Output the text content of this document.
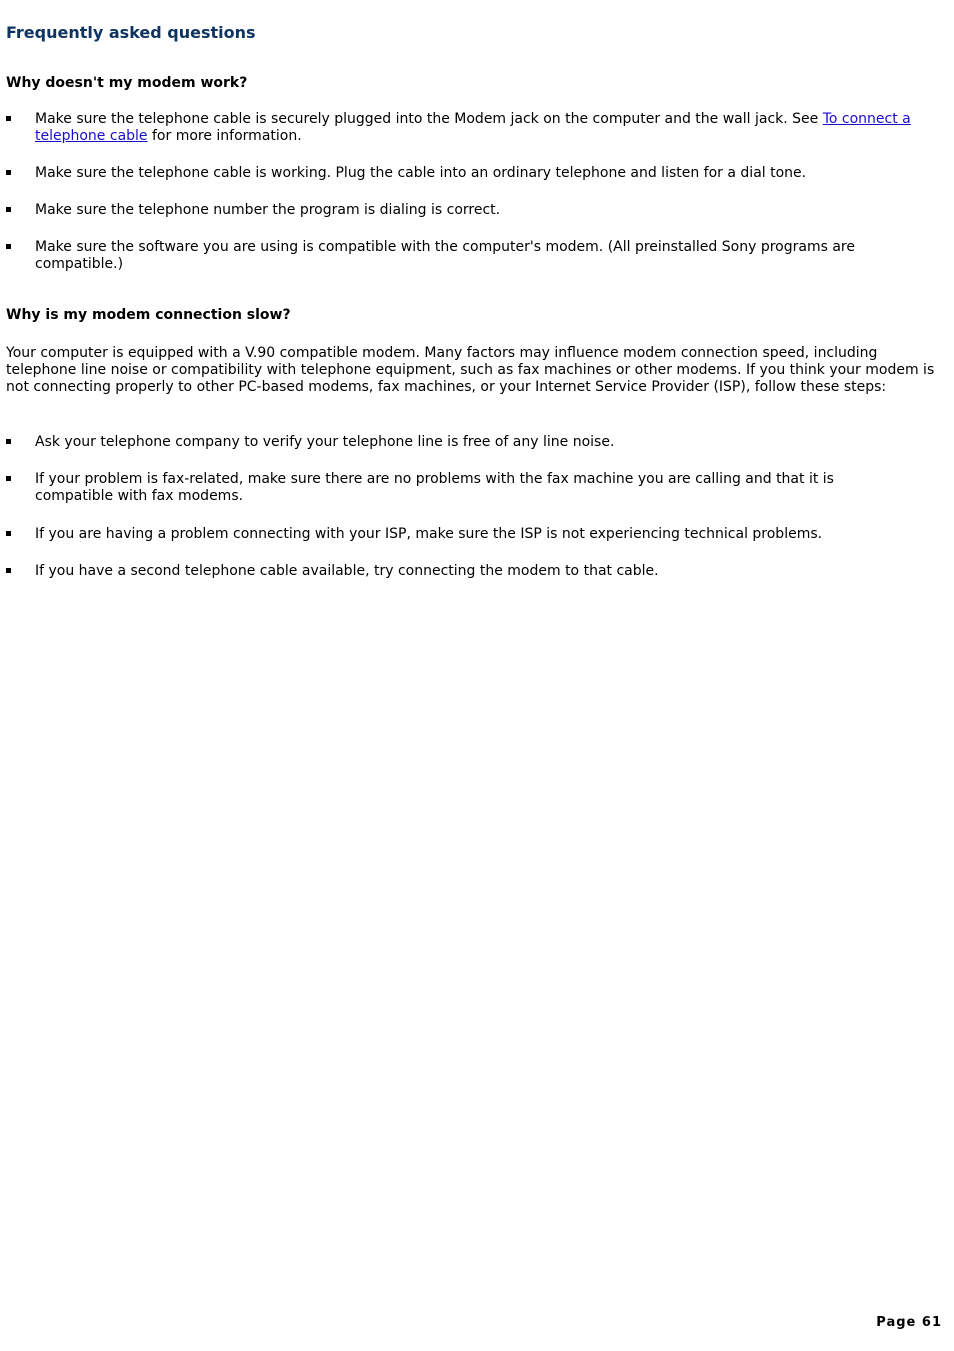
Frequently asked questions
Why doesn't my modem work?
Make sure the telephone cable is securely plugged into the Modem jack on the computer and the wall jack. See To connect a telephone cable for more information.
Make sure the telephone cable is working. Plug the cable into an ordinary telephone and listen for a dial tone.
Make sure the telephone number the program is dialing is correct.
Make sure the software you are using is compatible with the computer's modem. (All preinstalled Sony programs are compatible.)
Why is my modem connection slow?

Your computer is equipped with a V.90 compatible modem. Many factors may influence modem connection speed, including telephone line noise or compatibility with telephone equipment, such as fax machines or other modems. If you think your modem is not connecting properly to other PC-based modems, fax machines, or your Internet Service Provider (ISP), follow these steps:

Ask your telephone company to verify your telephone line is free of any line noise.
If your problem is fax-related, make sure there are no problems with the fax machine you are calling and that it is compatible with fax modems.
If you are having a problem connecting with your ISP, make sure the ISP is not experiencing technical problems.
If you have a second telephone cable available, try connecting the modem to that cable.
Page 61
